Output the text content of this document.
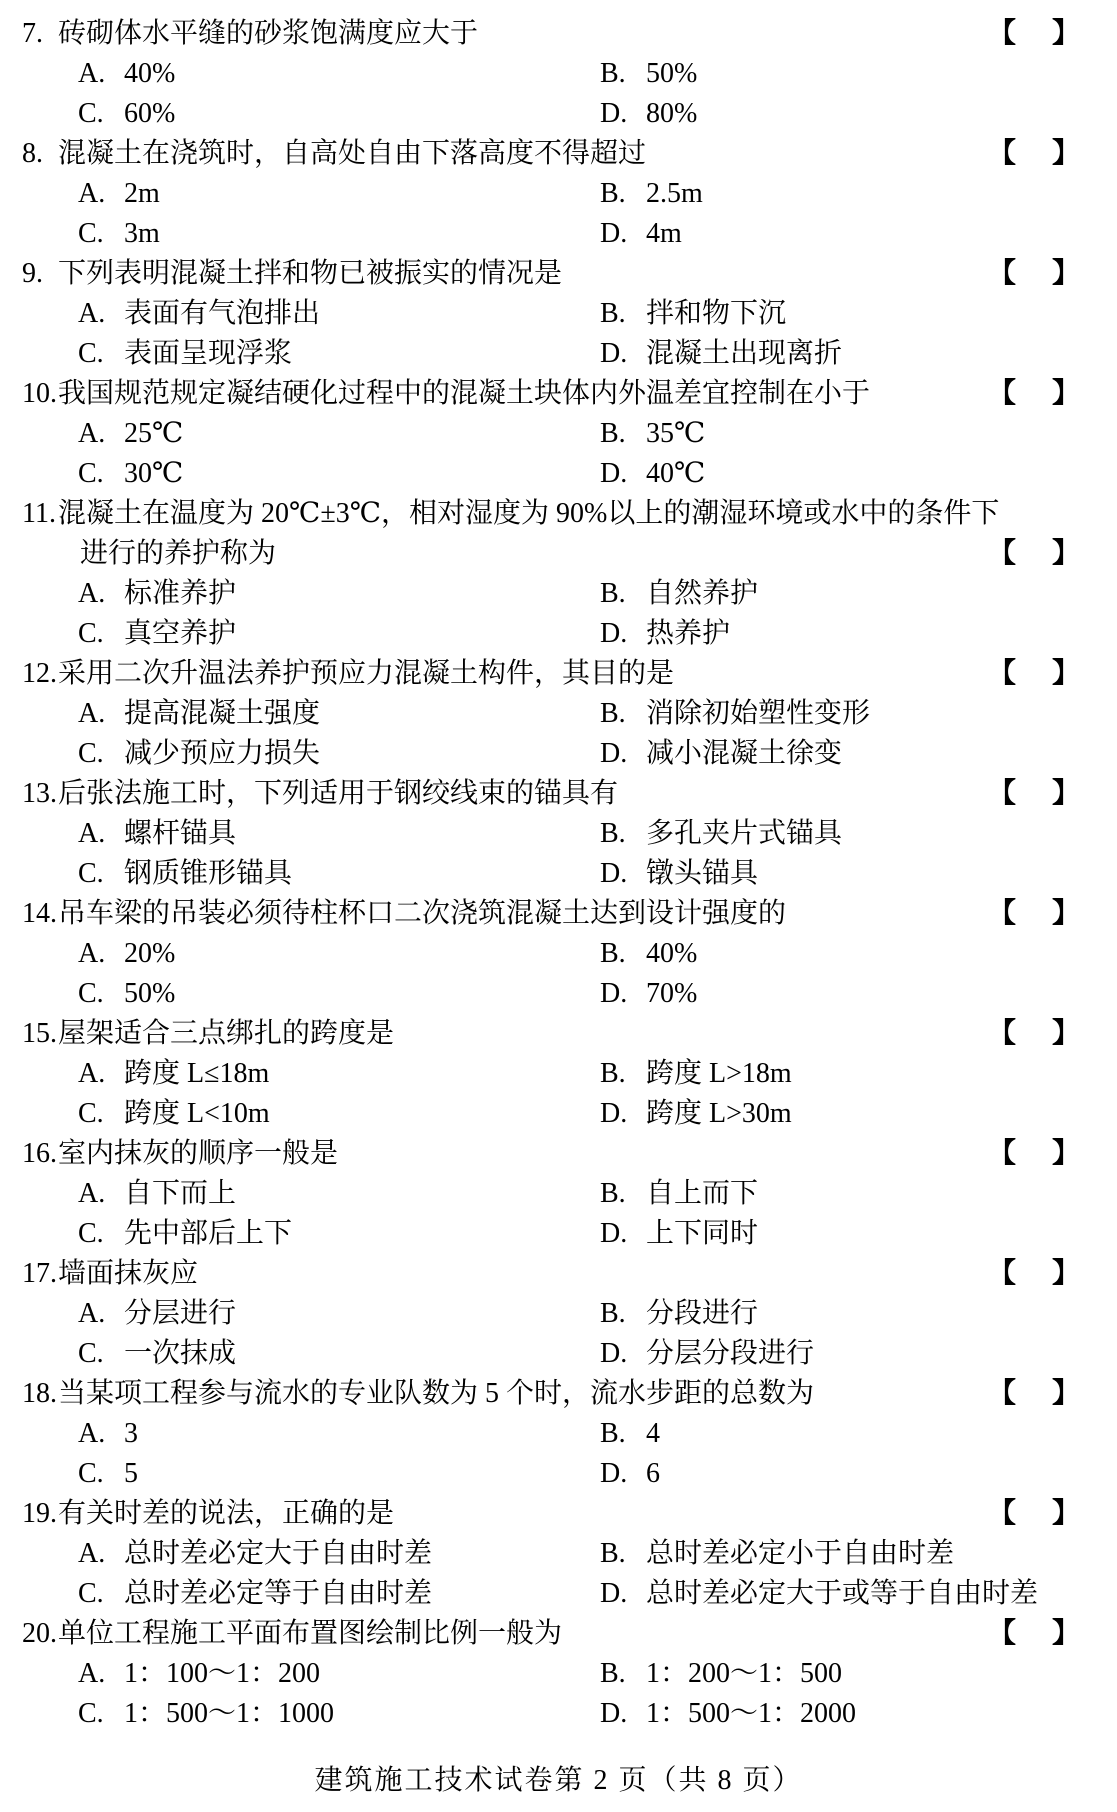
7. 砖砌体水平缝的砂浆饱满度应大于	【 】
A. 40%	B. 50%
C. 60%	D. 80%
8. 混凝土在浇筑时，自高处自由下落高度不得超过	【 】
A. 2m	B. 2.5m
C. 3m	D. 4m
9. 下列表明混凝土拌和物已被振实的情况是	【 】
A. 表面有气泡排出	B. 拌和物下沉
C. 表面呈现浮浆	D. 混凝土出现离折
10.我国规范规定凝结硬化过程中的混凝土块体内外温差宜控制在小于	【 】
A. 25℃	B. 35℃
C. 30℃	D. 40℃
11.混凝土在温度为 20℃±3℃，相对湿度为 90%以上的潮湿环境或水中的条件下
进行的养护称为	【 】
A. 标准养护	B. 自然养护
C. 真空养护	D. 热养护
12.采用二次升温法养护预应力混凝土构件，其目的是	【 】
A. 提高混凝土强度	B. 消除初始塑性变形
C. 减少预应力损失	D. 减小混凝土徐变
13.后张法施工时，下列适用于钢绞线束的锚具有	【 】
A. 螺杆锚具	B. 多孔夹片式锚具
C. 钢质锥形锚具	D. 镦头锚具
14.吊车梁的吊装必须待柱杯口二次浇筑混凝土达到设计强度的	【 】
A. 20%	B. 40%
C. 50%	D. 70%
15.屋架适合三点绑扎的跨度是	【 】
A. 跨度 L≤18m	B. 跨度 L>18m
C. 跨度 L<10m	D. 跨度 L>30m
16.室内抹灰的顺序一般是	【 】
A. 自下而上	B. 自上而下
C. 先中部后上下	D. 上下同时
17.墙面抹灰应	【 】
A. 分层进行	B. 分段进行
C. 一次抹成	D. 分层分段进行
18.当某项工程参与流水的专业队数为 5 个时，流水步距的总数为	【 】
A. 3	B. 4
C. 5	D. 6
19.有关时差的说法，正确的是	【 】
A. 总时差必定大于自由时差	B. 总时差必定小于自由时差
C. 总时差必定等于自由时差	D. 总时差必定大于或等于自由时差
20.单位工程施工平面布置图绘制比例一般为	【 】
A. 1：100～1：200	B. 1：200～1：500
C. 1：500～1：1000	D. 1：500～1：2000
建筑施工技术试卷第 2 页（共 8 页）
